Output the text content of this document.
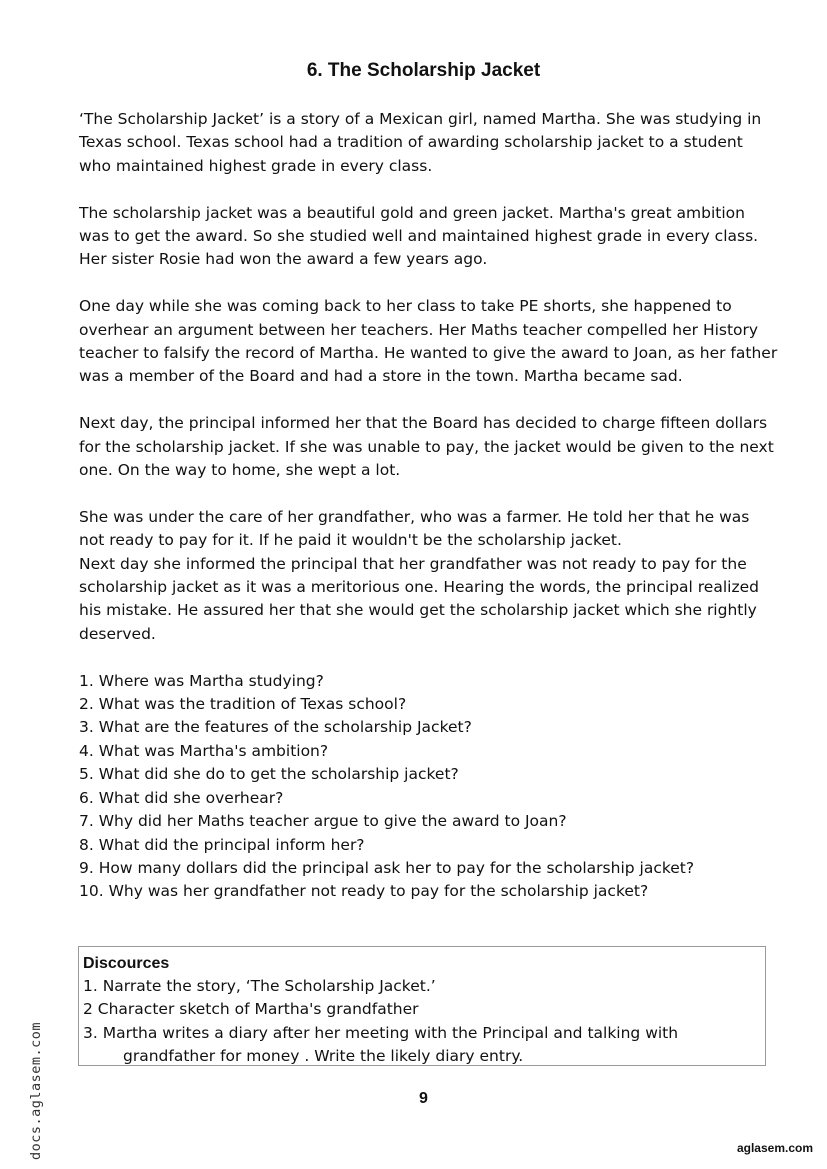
6. The Scholarship Jacket

‘The Scholarship Jacket’ is a story of a Mexican girl, named Martha. She was studying in Texas school. Texas school had a tradition of awarding scholarship jacket to a student who maintained highest grade in every class.

The scholarship jacket was a beautiful gold and green jacket. Martha's great ambition was to get the award. So she studied well and maintained highest grade in every class. Her sister Rosie had won the award a few years ago.

One day while she was coming back to her class to take PE shorts, she happened to overhear an argument between her teachers. Her Maths teacher compelled her History teacher to falsify the record of Martha. He wanted to give the award to Joan, as her father was a member of the Board and had a store in the town. Martha became sad.

Next day, the principal informed her that the Board has decided to charge fifteen dollars for the scholarship jacket. If she was unable to pay, the jacket would be given to the next one. On the way to home, she wept a lot.

She was under the care of her grandfather, who was a farmer. He told her that he was not ready to pay for it. If he paid it wouldn't be the scholarship jacket.

Next day she informed the principal that her grandfather was not ready to pay for the scholarship jacket as it was a meritorious one. Hearing the words, the principal realized his mistake. He assured her that she would get the scholarship jacket which she rightly deserved.

1. Where was Martha studying?
2. What was the tradition of Texas school?
3. What are the features of the scholarship Jacket?
4. What was Martha's ambition?
5. What did she do to get the scholarship jacket?
6. What did she overhear?
7. Why did her Maths teacher argue to give the award to Joan?
8. What did the principal inform her?
9. How many dollars did the principal ask her to pay for the scholarship jacket?
10. Why was her grandfather not ready to pay for the scholarship jacket?

Discources

1. Narrate the story, ‘The Scholarship Jacket.’

2 Character sketch of Martha's grandfather

3. Martha writes a diary after her meeting with the Principal and talking with

grandfather for money . Write the likely diary entry.

9

docs.aglasem.com	aglasem.com
